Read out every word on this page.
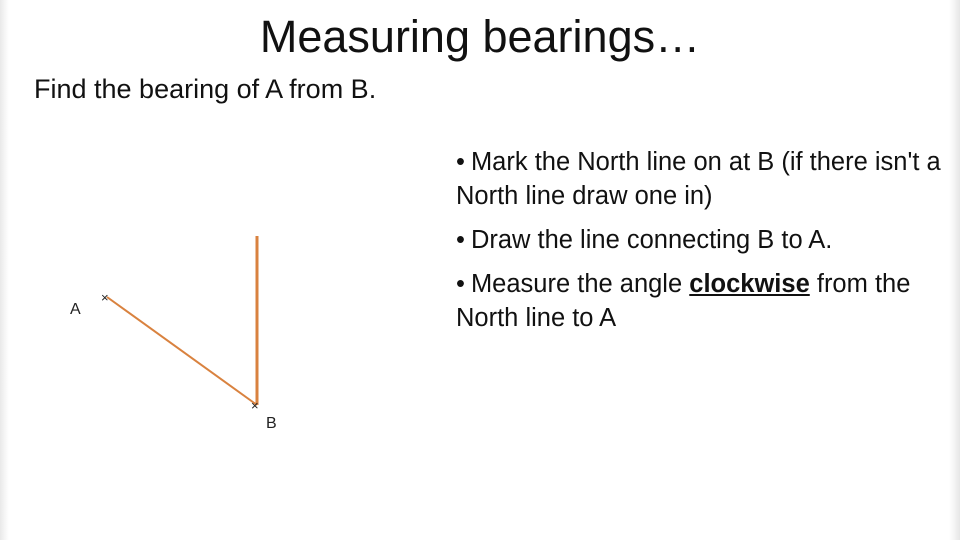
Measuring bearings…
Find the bearing of A from B.
×
A
×
B
• Mark the North line on at B (if there isn't a North line draw one in)
• Draw the line connecting B to A.
• Measure the angle clockwise from the North line to A
